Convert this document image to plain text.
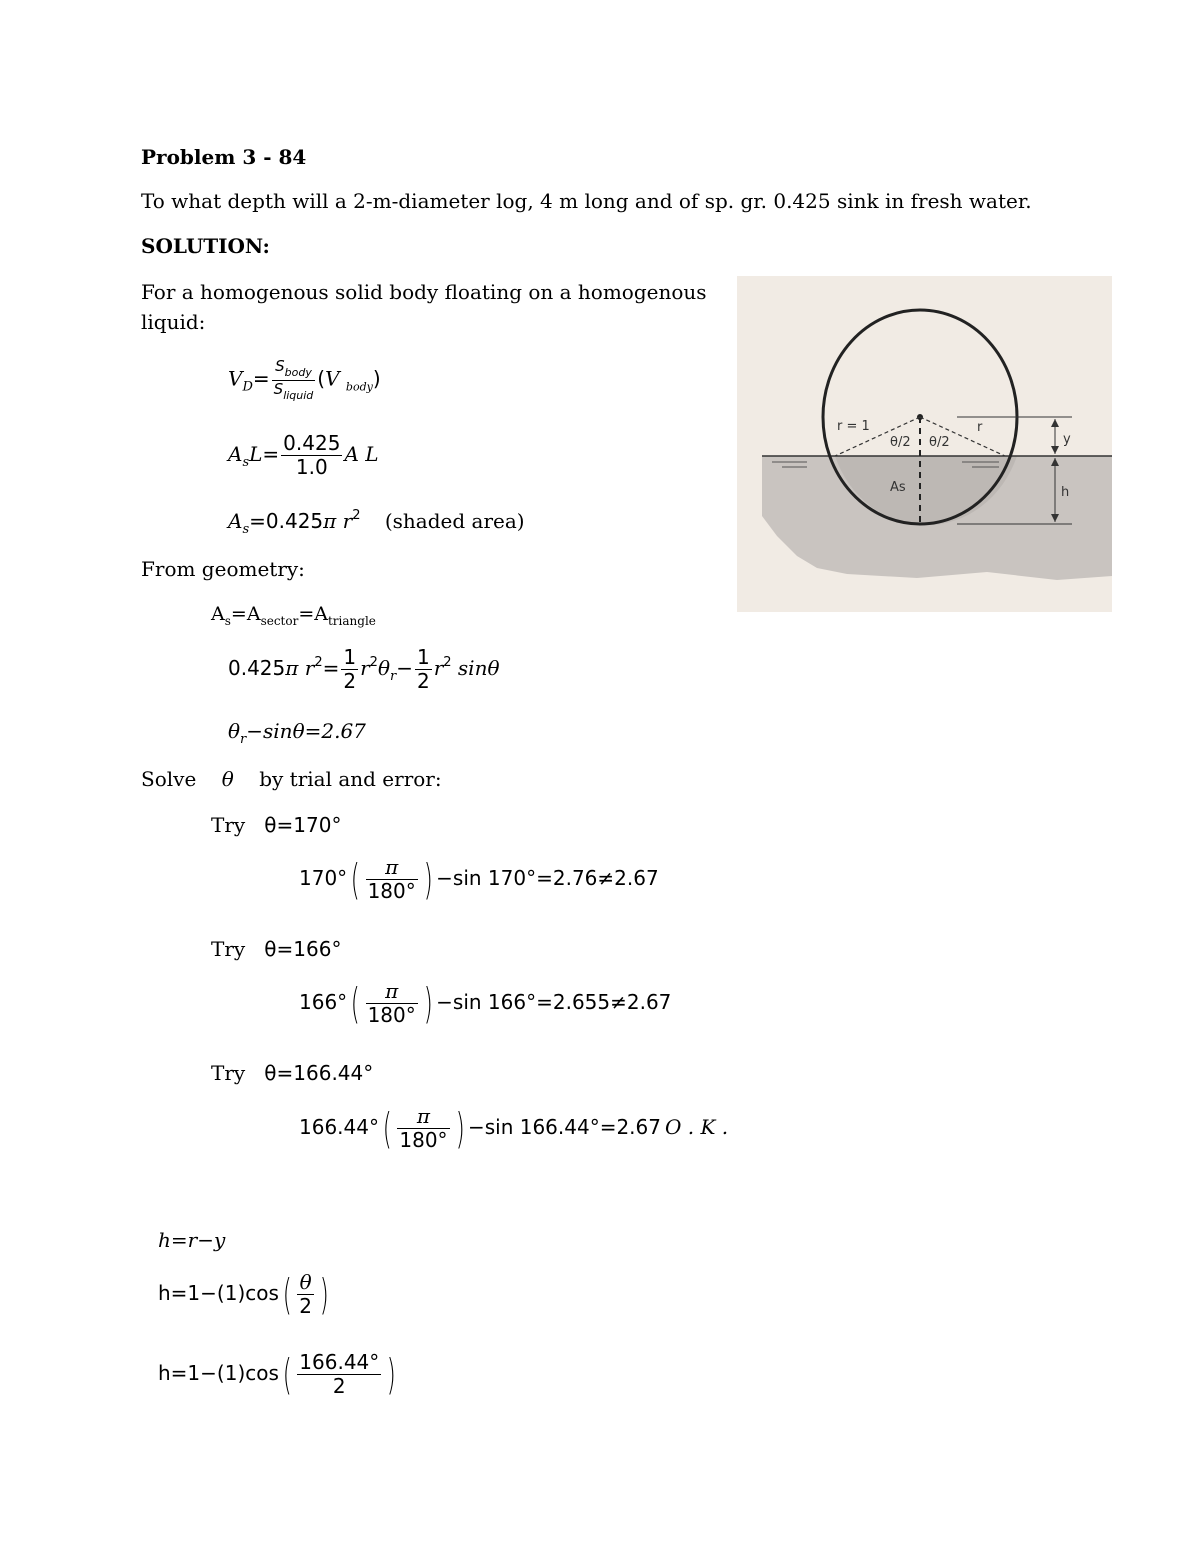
Problem 3 - 84
To what depth will a 2-m-diameter log, 4 m long and of sp. gr. 0.425 sink in fresh water.
SOLUTION:
For a homogenous solid body floating on a homogenous
liquid:
$V_D= \frac{S_{body}}{S_{liquid}} (V$ $_{body}$)
$A_sL= \frac{0.425}{1.0}$ A L
$A_s=0.425\pi$ $r^2$ (shaded area)
From geometry:
$A_s=A_{sector}=A_{triangle}$
0.425π $r^2= \frac{1}{2} r^2\theta_r- \frac{1}{2} r^2$ sinθ
$\theta_r-\sin\theta=2.67$
Solve θ by trial and error:
Try θ=170°
$170^\circ( \frac{\pi}{180^\circ}$ ) −sin 170°=2.76≠2.67
Try θ=166°
$166^\circ( \frac{\pi}{180^\circ}$ ) −sin 166°=2.655≠2.67
Try θ=166.44°
$166.44^\circ( \frac{\pi}{180^\circ}$ ) −sin 166.44°=2.67 O . K .
h=r−y
$h=1-(1)\cos( \frac{\theta}{2}$ )
$h=1-(1)\cos( \frac{166.44^\circ}{2}$ )
r = 1
θ/2 θ/2
r
y
h
As
